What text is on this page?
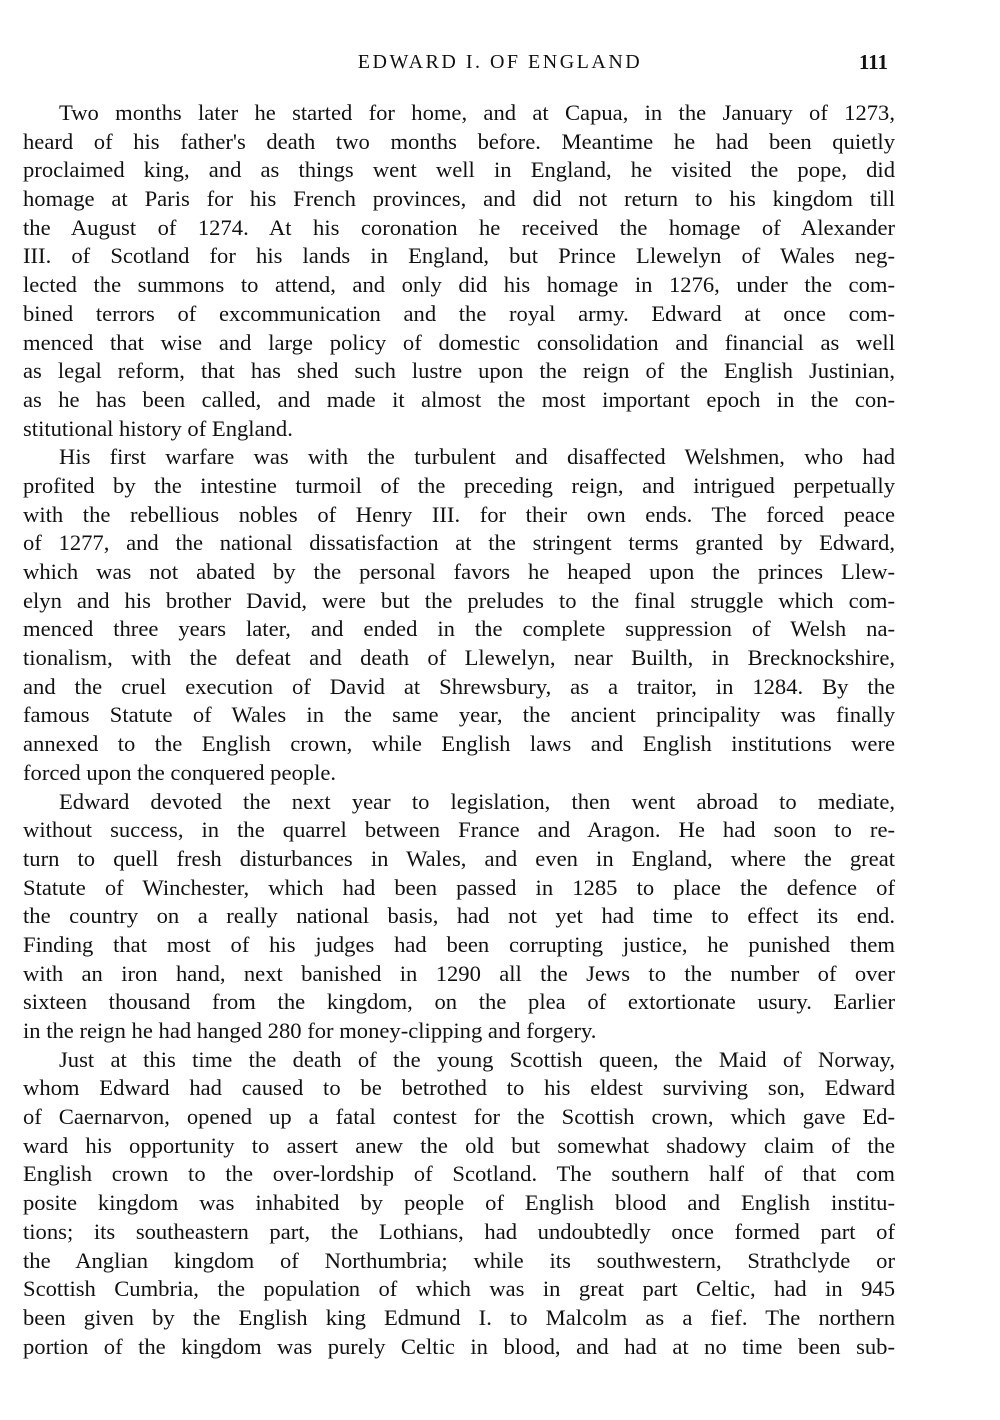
EDWARD I. OF ENGLAND	111
Two months later he started for home, and at Capua, in the January of 1273,
heard of his father's death two months before. Meantime he had been quietly
proclaimed king, and as things went well in England, he visited the pope, did
homage at Paris for his French provinces, and did not return to his kingdom till
the August of 1274. At his coronation he received the homage of Alexander
III. of Scotland for his lands in England, but Prince Llewelyn of Wales neg-
lected the summons to attend, and only did his homage in 1276, under the com-
bined terrors of excommunication and the royal army. Edward at once com-
menced that wise and large policy of domestic consolidation and financial as well
as legal reform, that has shed such lustre upon the reign of the English Justinian,
as he has been called, and made it almost the most important epoch in the con-
stitutional history of England.
His first warfare was with the turbulent and disaffected Welshmen, who had
profited by the intestine turmoil of the preceding reign, and intrigued perpetually
with the rebellious nobles of Henry III. for their own ends. The forced peace
of 1277, and the national dissatisfaction at the stringent terms granted by Edward,
which was not abated by the personal favors he heaped upon the princes Llew-
elyn and his brother David, were but the preludes to the final struggle which com-
menced three years later, and ended in the complete suppression of Welsh na-
tionalism, with the defeat and death of Llewelyn, near Builth, in Brecknockshire,
and the cruel execution of David at Shrewsbury, as a traitor, in 1284. By the
famous Statute of Wales in the same year, the ancient principality was finally
annexed to the English crown, while English laws and English institutions were
forced upon the conquered people.
Edward devoted the next year to legislation, then went abroad to mediate,
without success, in the quarrel between France and Aragon. He had soon to re-
turn to quell fresh disturbances in Wales, and even in England, where the great
Statute of Winchester, which had been passed in 1285 to place the defence of
the country on a really national basis, had not yet had time to effect its end.
Finding that most of his judges had been corrupting justice, he punished them
with an iron hand, next banished in 1290 all the Jews to the number of over
sixteen thousand from the kingdom, on the plea of extortionate usury. Earlier
in the reign he had hanged 280 for money-clipping and forgery.
Just at this time the death of the young Scottish queen, the Maid of Norway,
whom Edward had caused to be betrothed to his eldest surviving son, Edward
of Caernarvon, opened up a fatal contest for the Scottish crown, which gave Ed-
ward his opportunity to assert anew the old but somewhat shadowy claim of the
English crown to the over-lordship of Scotland. The southern half of that com
posite kingdom was inhabited by people of English blood and English institu-
tions; its southeastern part, the Lothians, had undoubtedly once formed part of
the Anglian kingdom of Northumbria; while its southwestern, Strathclyde or
Scottish Cumbria, the population of which was in great part Celtic, had in 945
been given by the English king Edmund I. to Malcolm as a fief. The northern
portion of the kingdom was purely Celtic in blood, and had at no time been sub-
